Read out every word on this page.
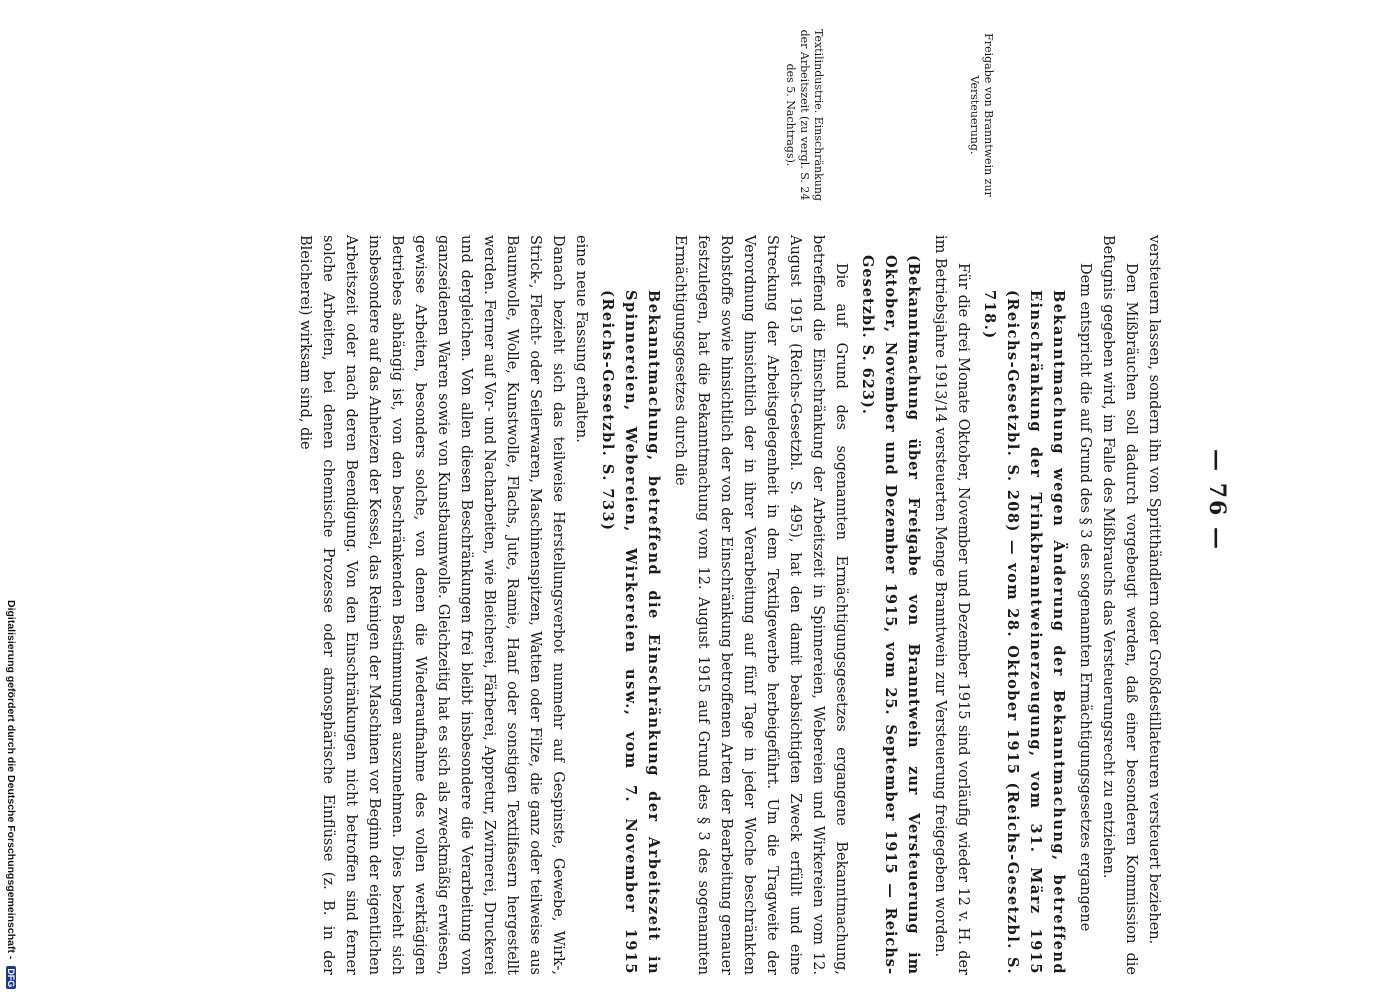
— 76 —
Freigabe von Branntwein zur Versteuerung.
Textilindustrie. Einschränkung der Arbeitszeit (zu vergl. S. 24 des 5. Nachtrags).

versteuern lassen, sondern ihn von Spritthändlern oder Großdestillateuren versteuert beziehen.

Den Mißbräuchen soll dadurch vorgebeugt werden, daß einer besonderen Kommission die Befugnis gegeben wird, im Falle des Mißbrauchs das Versteuerungsrecht zu entziehen.

Dem entspricht die auf Grund des § 3 des sogenannten Ermächtigungsgesetzes ergangene

Bekanntmachung wegen Änderung der Bekanntmachung, betreffend Einschränkung der Trinkbranntweinerzeugung, vom 31. März 1915 (Reichs-Gesetzbl. S. 208) — vom 28. Oktober 1915 (Reichs-Gesetzbl. S. 718.)

Für die drei Monate Oktober, November und Dezember 1915 sind vorläufig wieder 12 v. H. der im Betriebsjahre 1913/14 versteuerten Menge Branntwein zur Versteuerung freigegeben worden.

(Bekanntmachung über Freigabe von Branntwein zur Versteuerung im Oktober, November und Dezember 1915, vom 25. September 1915 — Reichs-Gesetzbl. S. 623).

Die auf Grund des sogenannten Ermächtigungsgesetzes ergangene Bekanntmachung, betreffend die Einschränkung der Arbeitszeit in Spinnereien, Webereien und Wirkereien vom 12. August 1915 (Reichs-Gesetzbl. S. 495), hat den damit beabsichtigten Zweck erfüllt und eine Streckung der Arbeitsgelegenheit in dem Textilgewerbe herbeigeführt. Um die Tragweite der Verordnung hinsichtlich der in ihrer Verarbeitung auf fünf Tage in jeder Woche beschränkten Rohstoffe sowie hinsichtlich der von der Einschränkung betroffenen Arten der Bearbeitung genauer festzulegen, hat die Bekanntmachung vom 12. August 1915 auf Grund des § 3 des sogenannten Ermächtigungsgesetzes durch die

Bekanntmachung, betreffend die Einschränkung der Arbeitszeit in Spinnereien, Webereien, Wirkereien usw., vom 7. November 1915 (Reichs-Gesetzbl. S. 733)

eine neue Fassung erhalten.

Danach bezieht sich das teilweise Herstellungsverbot nunmehr auf Gespinste, Gewebe, Wirk-, Strick-, Flecht- oder Seilerwaren, Maschinenspitzen, Watten oder Filze, die ganz oder teilweise aus Baumwolle, Wolle, Kunstwolle, Flachs, Jute, Ramie, Hanf oder sonstigen Textilfasern hergestellt werden. Ferner auf Vor- und Nacharbeiten, wie Bleicherei, Färberei, Appretur, Zwirnerei, Druckerei und dergleichen. Von allen diesen Beschränkungen frei bleibt insbesondere die Verarbeitung von ganzseidenen Waren sowie von Kunstbaumwolle. Gleichzeitig hat es sich als zweckmäßig erwiesen, gewisse Arbeiten, besonders solche, von denen die Wiederaufnahme des vollen werktägigen Betriebes abhängig ist, von den beschränkenden Bestimmungen auszunehmen. Dies bezieht sich insbesondere auf das Anheizen der Kessel, das Reinigen der Maschinen vor Beginn der eigentlichen Arbeitszeit oder nach deren Beendigung. Von den Einschränkungen nicht betroffen sind ferner solche Arbeiten, bei denen chemische Prozesse oder atmosphärische Einflüsse (z. B. in der Bleicherei) wirksam sind, die

Digitalisierung gefördert durch die Deutsche Forschungsgemeinschaft - DFG
